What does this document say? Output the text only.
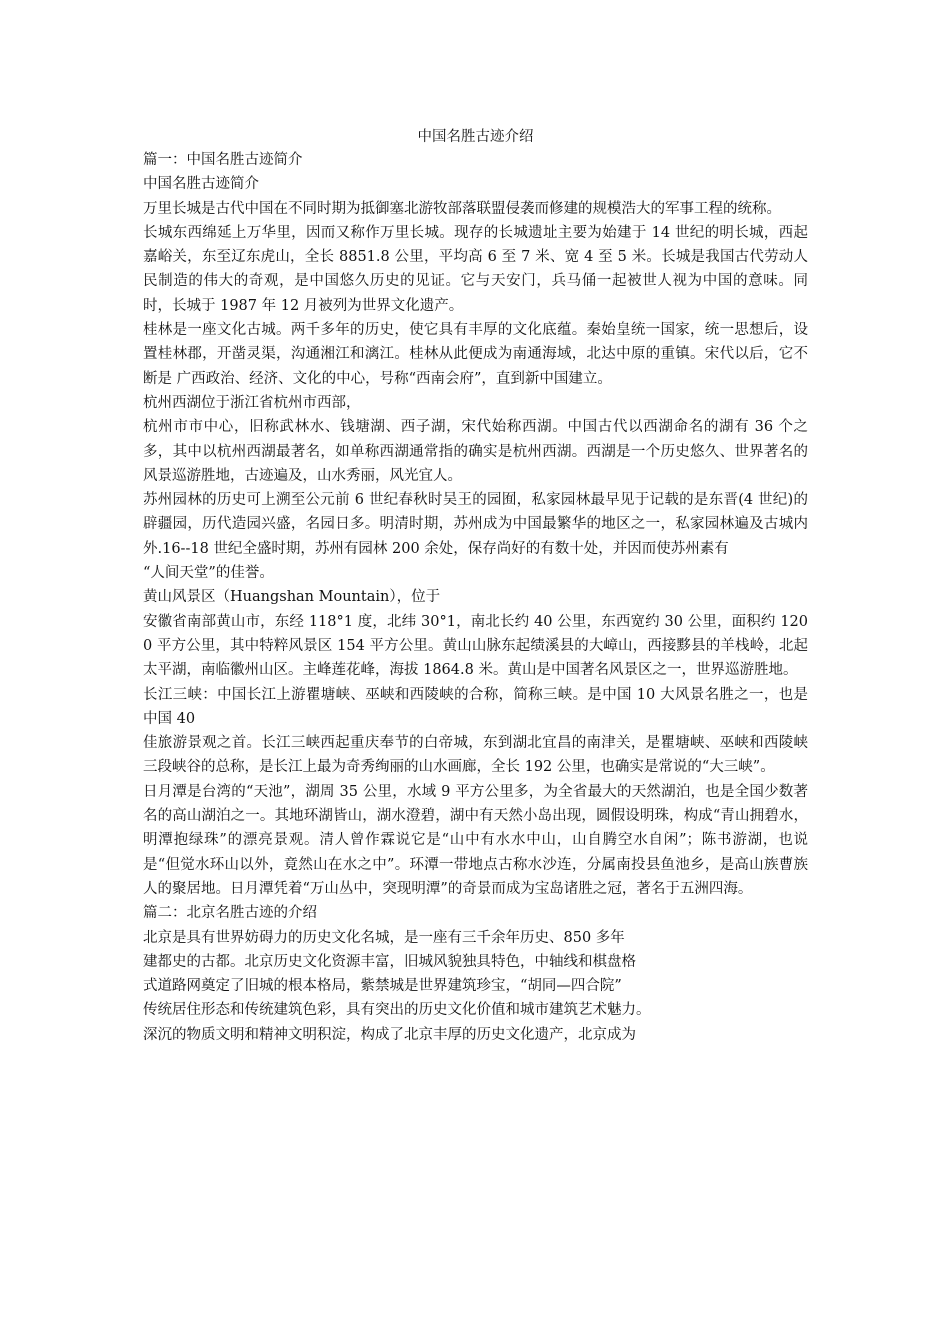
中国名胜古迹介绍

篇一：中国名胜古迹简介

中国名胜古迹简介

万里长城是古代中国在不同时期为抵御塞北游牧部落联盟侵袭而修建的规模浩大的军事工程的统称。

长城东西绵延上万华里，因而又称作万里长城。现存的长城遗址主要为始建于 14 世纪的明长城，西起嘉峪关，东至辽东虎山，全长 8851.8 公里，平均高 6 至 7 米、宽 4 至 5 米。长城是我国古代劳动人民制造的伟大的奇观，是中国悠久历史的见证。它与天安门，兵马俑一起被世人视为中国的意味。同时，长城于 1987 年 12 月被列为世界文化遗产。

桂林是一座文化古城。两千多年的历史，使它具有丰厚的文化底蕴。秦始皇统一国家，统一思想后，设置桂林郡，开凿灵渠，沟通湘江和漓江。桂林从此便成为南通海域，北达中原的重镇。宋代以后，它不断是 广西政治、经济、文化的中心，号称“西南会府”，直到新中国建立。

杭州西湖位于浙江省杭州市西部，

杭州市市中心，旧称武林水、钱塘湖、西子湖，宋代始称西湖。中国古代以西湖命名的湖有 36 个之多，其中以杭州西湖最著名，如单称西湖通常指的确实是杭州西湖。西湖是一个历史悠久、世界著名的风景巡游胜地，古迹遍及，山水秀丽，风光宜人。

苏州园林的历史可上溯至公元前 6 世纪春秋时吴王的园囿，私家园林最早见于记载的是东晋(4 世纪)的辟疆园，历代造园兴盛，名园日多。明清时期，苏州成为中国最繁华的地区之一，私家园林遍及古城内外.16--18 世纪全盛时期，苏州有园林 200 余处，保存尚好的有数十处，并因而使苏州素有

“人间天堂”的佳誉。

黄山风景区（Huangshan Mountain），位于

安徽省南部黄山市，东经 118°1 度，北纬 30°1，南北长约 40 公里，东西宽约 30 公里，面积约 1200 平方公里，其中特粹风景区 154 平方公里。黄山山脉东起绩溪县的大嶂山，西接黟县的羊栈岭，北起太平湖，南临徽州山区。主峰莲花峰，海拔 1864.8 米。黄山是中国著名风景区之一，世界巡游胜地。

长江三峡：中国长江上游瞿塘峡、巫峡和西陵峡的合称，简称三峡。是中国 10 大风景名胜之一，也是中国 40

佳旅游景观之首。长江三峡西起重庆奉节的白帝城，东到湖北宜昌的南津关，是瞿塘峡、巫峡和西陵峡三段峡谷的总称，是长江上最为奇秀绚丽的山水画廊，全长 192 公里，也确实是常说的“大三峡”。

日月潭是台湾的“天池”，湖周 35 公里，水域 9 平方公里多，为全省最大的天然湖泊，也是全国少数著名的高山湖泊之一。其地环湖皆山，湖水澄碧，湖中有天然小岛出现，圆假设明珠，构成“青山拥碧水，明潭抱绿珠”的漂亮景观。清人曾作霖说它是“山中有水水中山，山自腾空水自闲”；陈书游湖，也说是“但觉水环山以外，竟然山在水之中”。环潭一带地点古称水沙连，分属南投县鱼池乡，是高山族曹族人的聚居地。日月潭凭着“万山丛中，突现明潭”的奇景而成为宝岛诸胜之冠，著名于五洲四海。

篇二：北京名胜古迹的介绍

北京是具有世界妨碍力的历史文化名城，是一座有三千余年历史、850 多年

建都史的古都。北京历史文化资源丰富，旧城风貌独具特色，中轴线和棋盘格

式道路网奠定了旧城的根本格局，紫禁城是世界建筑珍宝，“胡同—四合院”

传统居住形态和传统建筑色彩，具有突出的历史文化价值和城市建筑艺术魅力。

深沉的物质文明和精神文明积淀，构成了北京丰厚的历史文化遗产，北京成为
